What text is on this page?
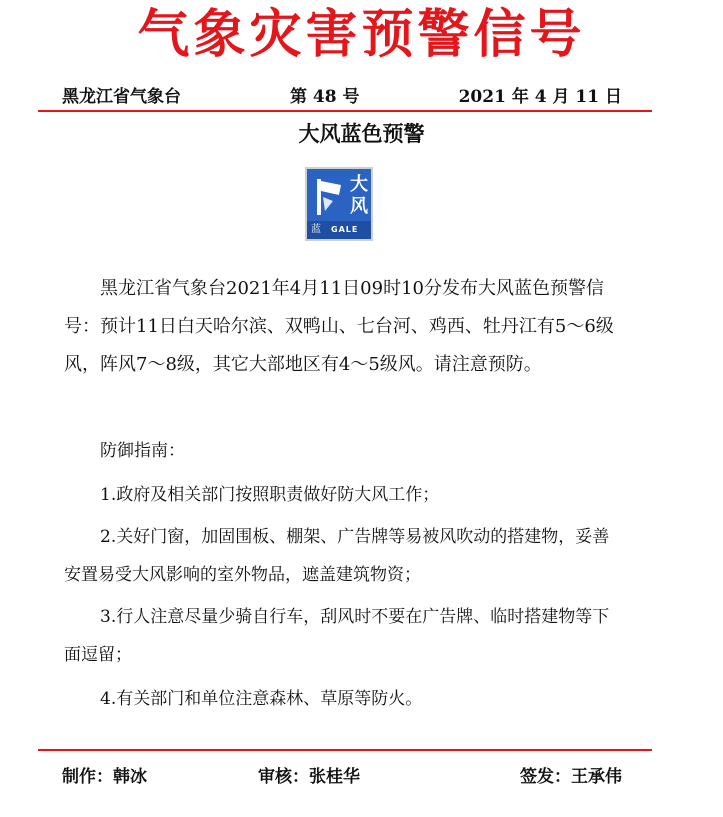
气象灾害预警信号
黑龙江省气象台	第 48 号	2021 年 4 月 11 日
大风蓝色预警
大
风
蓝 GALE

黑龙江省气象台2021年4月11日09时10分发布大风蓝色预警信号：预计11日白天哈尔滨、双鸭山、七台河、鸡西、牡丹江有5～6级风，阵风7～8级，其它大部地区有4～5级风。请注意预防。

防御指南：

1.政府及相关部门按照职责做好防大风工作；

2.关好门窗，加固围板、棚架、广告牌等易被风吹动的搭建物，妥善安置易受大风影响的室外物品，遮盖建筑物资；

3.行人注意尽量少骑自行车，刮风时不要在广告牌、临时搭建物等下面逗留；

4.有关部门和单位注意森林、草原等防火。

制作：韩冰	审核：张桂华	签发：王承伟
